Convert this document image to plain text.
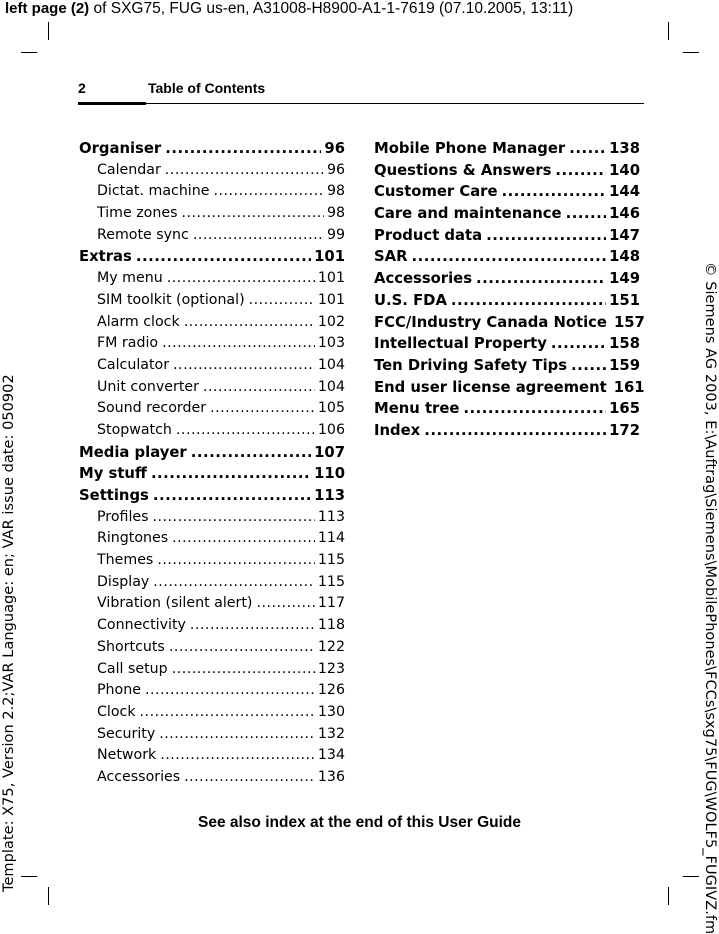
left page (2) of SXG75, FUG us-en, A31008-H8900-A1-1-7619 (07.10.2005, 13:11)
Template: X75, Version 2.2;VAR Language: en; VAR issue date: 050902	© Siemens AG 2003, E:\Auftrag\Siemens\MobilePhones\FCCs\sxg75\FUG\WOLF5_FUGIVZ.fm
2	Table of Contents
Organiser .....	96
Calendar .....	96
Dictat. machine .....	98
Time zones .....	98
Remote sync .....	99
Extras .....	101
My menu .....	101
SIM toolkit (optional) .....	101
Alarm clock .....	102
FM radio .....	103
Calculator .....	104
Unit converter .....	104
Sound recorder .....	105
Stopwatch .....	106
Media player .....	107
My stuff .....	110
Settings .....	113
Profiles .....	113
Ringtones .....	114
Themes .....	115
Display .....	115
Vibration (silent alert) .....	117
Connectivity .....	118
Shortcuts .....	122
Call setup .....	123
Phone .....	126
Clock .....	130
Security .....	132
Network .....	134
Accessories .....	136
Mobile Phone Manager .....	138
Questions & Answers .....	140
Customer Care .....	144
Care and maintenance .....	146
Product data .....	147
SAR .....	148
Accessories .....	149
U.S. FDA .....	151
FCC/Industry Canada Notice 157
Intellectual Property .....	158
Ten Driving Safety Tips .....	159
End user license agreement 161
Menu tree .....	165
Index .....	172
See also index at the end of this User Guide
